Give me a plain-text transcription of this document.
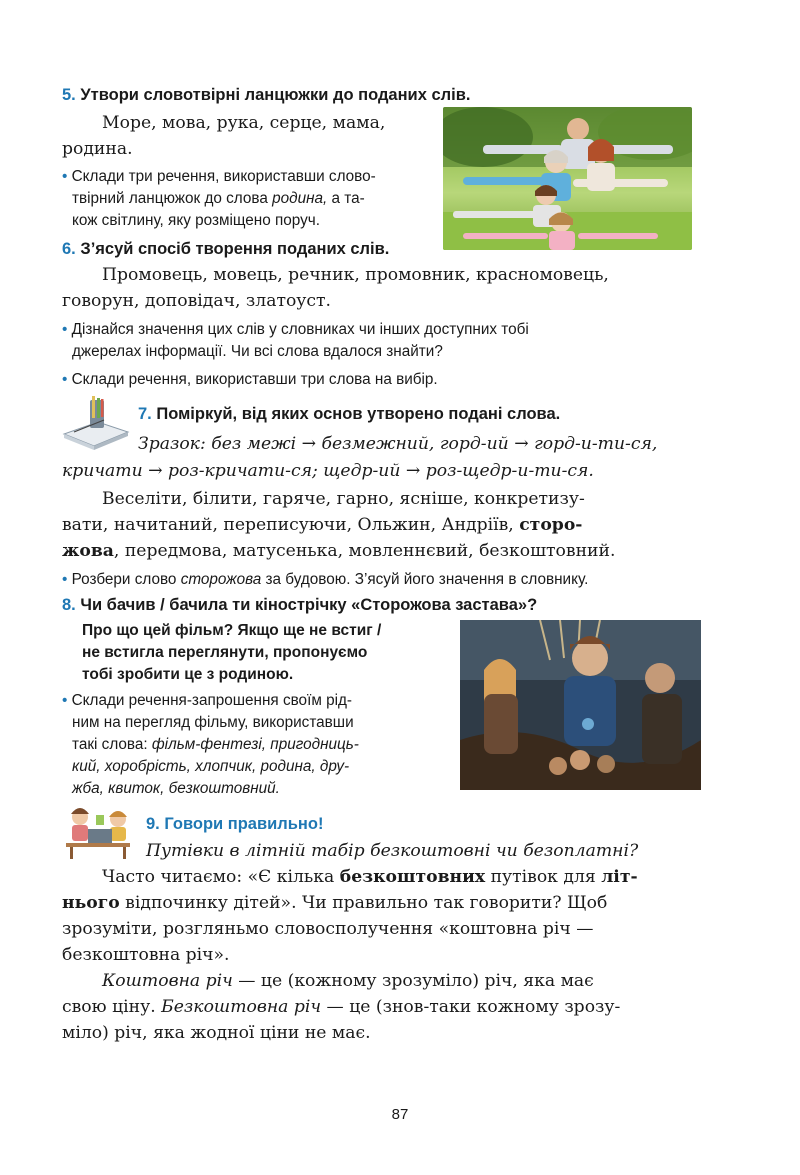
5. Утвори словотвірні ланцюжки до поданих слів.
Море, мова, рука, серце, мама,
родина.
• Склади три речення, використавши слово-
твірний ланцюжок до слова родина, а та-
кож світлину, яку розміщено поруч.
6. З’ясуй спосіб творення поданих слів.
Промовець, мовець, речник, промовник, красномовець,
говорун, доповідач, златоуст.
• Дізнайся значення цих слів у словниках чи інших доступних тобі
джерелах інформації. Чи всі слова вдалося знайти?
• Склади речення, використавши три слова на вибір.
7. Поміркуй, від яких основ утворено подані слова.
Зразок: без межі → безмежний, горд-ий → горд-и-ти-ся,
кричати → роз-кричати-ся; щедр-ий → роз-щедр-и-ти-ся.
Веселіти, білити, гаряче, гарно, ясніше, конкретизу-
вати, начитаний, переписуючи, Ольжин, Андріїв, сторо-
жова, передмова, матусенька, мовленнєвий, безкоштовний.
• Розбери слово сторожова за будовою. З’ясуй його значення в словнику.
8. Чи бачив / бачила ти кінострічку «Сторожова застава»?
Про що цей фільм? Якщо ще не встиг /
не встигла переглянути, пропонуємо
тобі зробити це з родиною.
• Склади речення-запрошення своїм рід-
ним на перегляд фільму, використавши
такі слова: фільм-фентезі, пригодниць-
кий, хоробрість, хлопчик, родина, дру-
жба, квиток, безкоштовний.
9. Говори правильно!
Путівки в літній табір безкоштовні чи безоплатні?
Часто читаємо: «Є кілька безкоштовних путівок для літ-
нього відпочинку дітей». Чи правильно так говорити? Щоб
зрозуміти, розгляньмо словосполучення «коштовна річ —
безкоштовна річ».
Коштовна річ — це (кожному зрозуміло) річ, яка має
свою ціну. Безкоштовна річ — це (знов-таки кожному зрозу-
міло) річ, яка жодної ціни не має.
87
